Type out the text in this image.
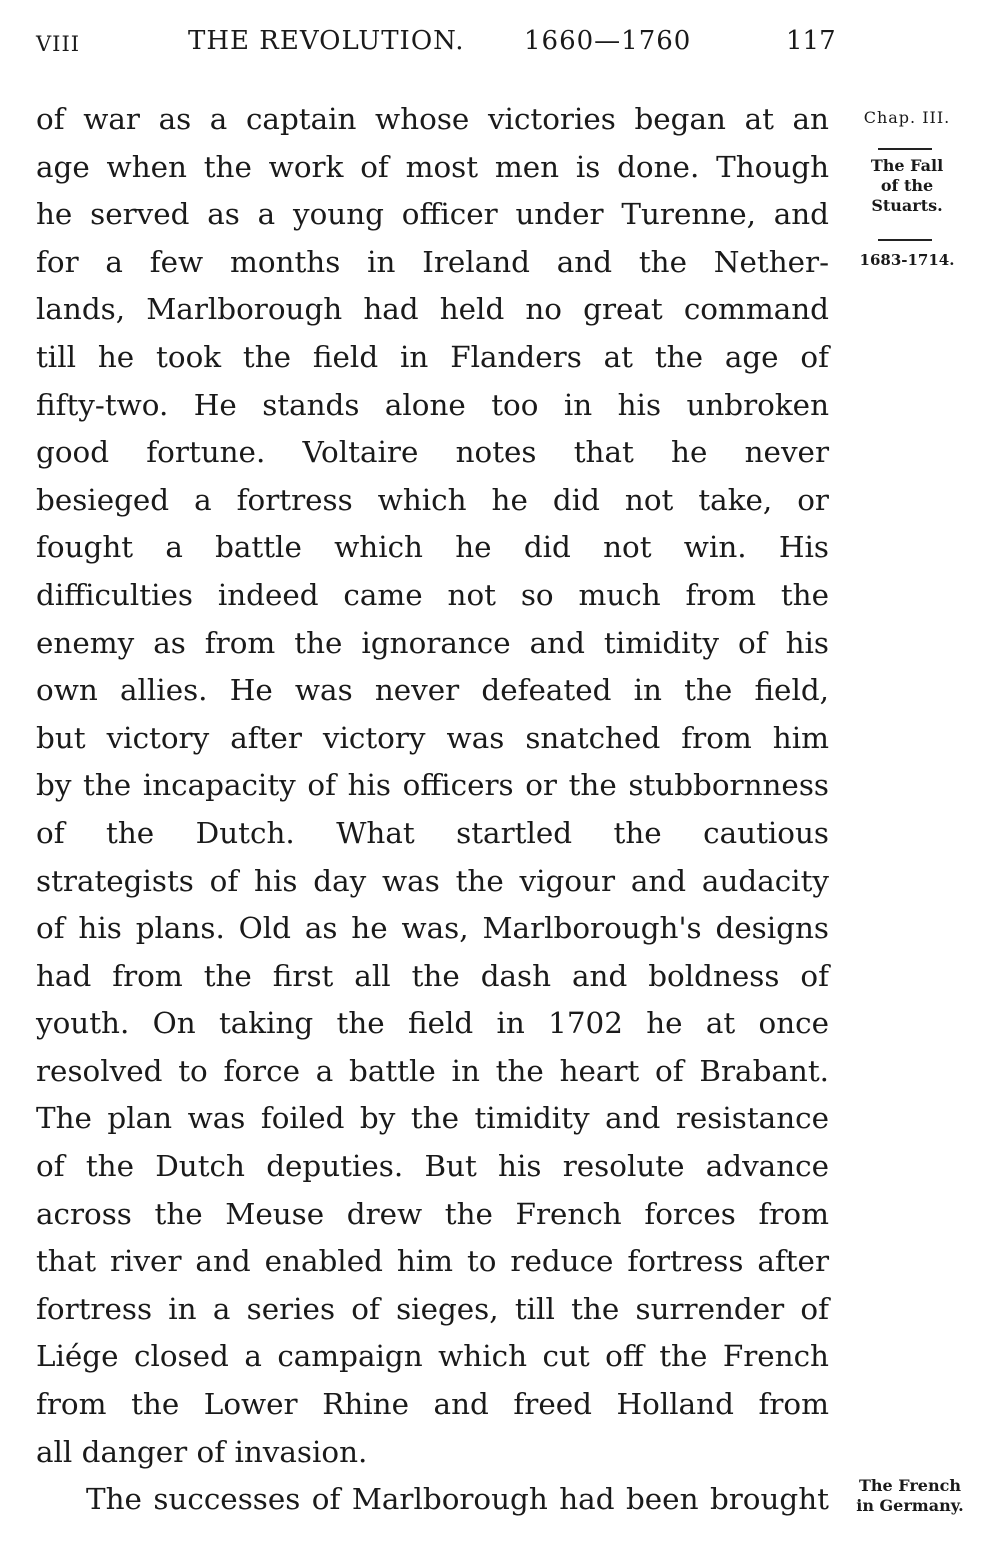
VIII	THE REVOLUTION. 1660—1760	117
of war as a captain whose victories began at an
age when the work of most men is done. Though
he served as a young officer under Turenne, and
for a few months in Ireland and the Nether-
lands, Marlborough had held no great command
till he took the field in Flanders at the age of
fifty-two. He stands alone too in his unbroken
good fortune. Voltaire notes that he never
besieged a fortress which he did not take, or
fought a battle which he did not win. His
difficulties indeed came not so much from the
enemy as from the ignorance and timidity of his
own allies. He was never defeated in the field,
but victory after victory was snatched from him
by the incapacity of his officers or the stubbornness
of the Dutch. What startled the cautious
strategists of his day was the vigour and audacity
of his plans. Old as he was, Marlborough's designs
had from the first all the dash and boldness of
youth. On taking the field in 1702 he at once
resolved to force a battle in the heart of Brabant.
The plan was foiled by the timidity and resistance
of the Dutch deputies. But his resolute advance
across the Meuse drew the French forces from
that river and enabled him to reduce fortress after
fortress in a series of sieges, till the surrender of
Liége closed a campaign which cut off the French
from the Lower Rhine and freed Holland from
all danger of invasion.
The successes of Marlborough had been brought
Chap. III.
The Fall
of the
Stuarts.
1683-1714.
The French
in Germany.
